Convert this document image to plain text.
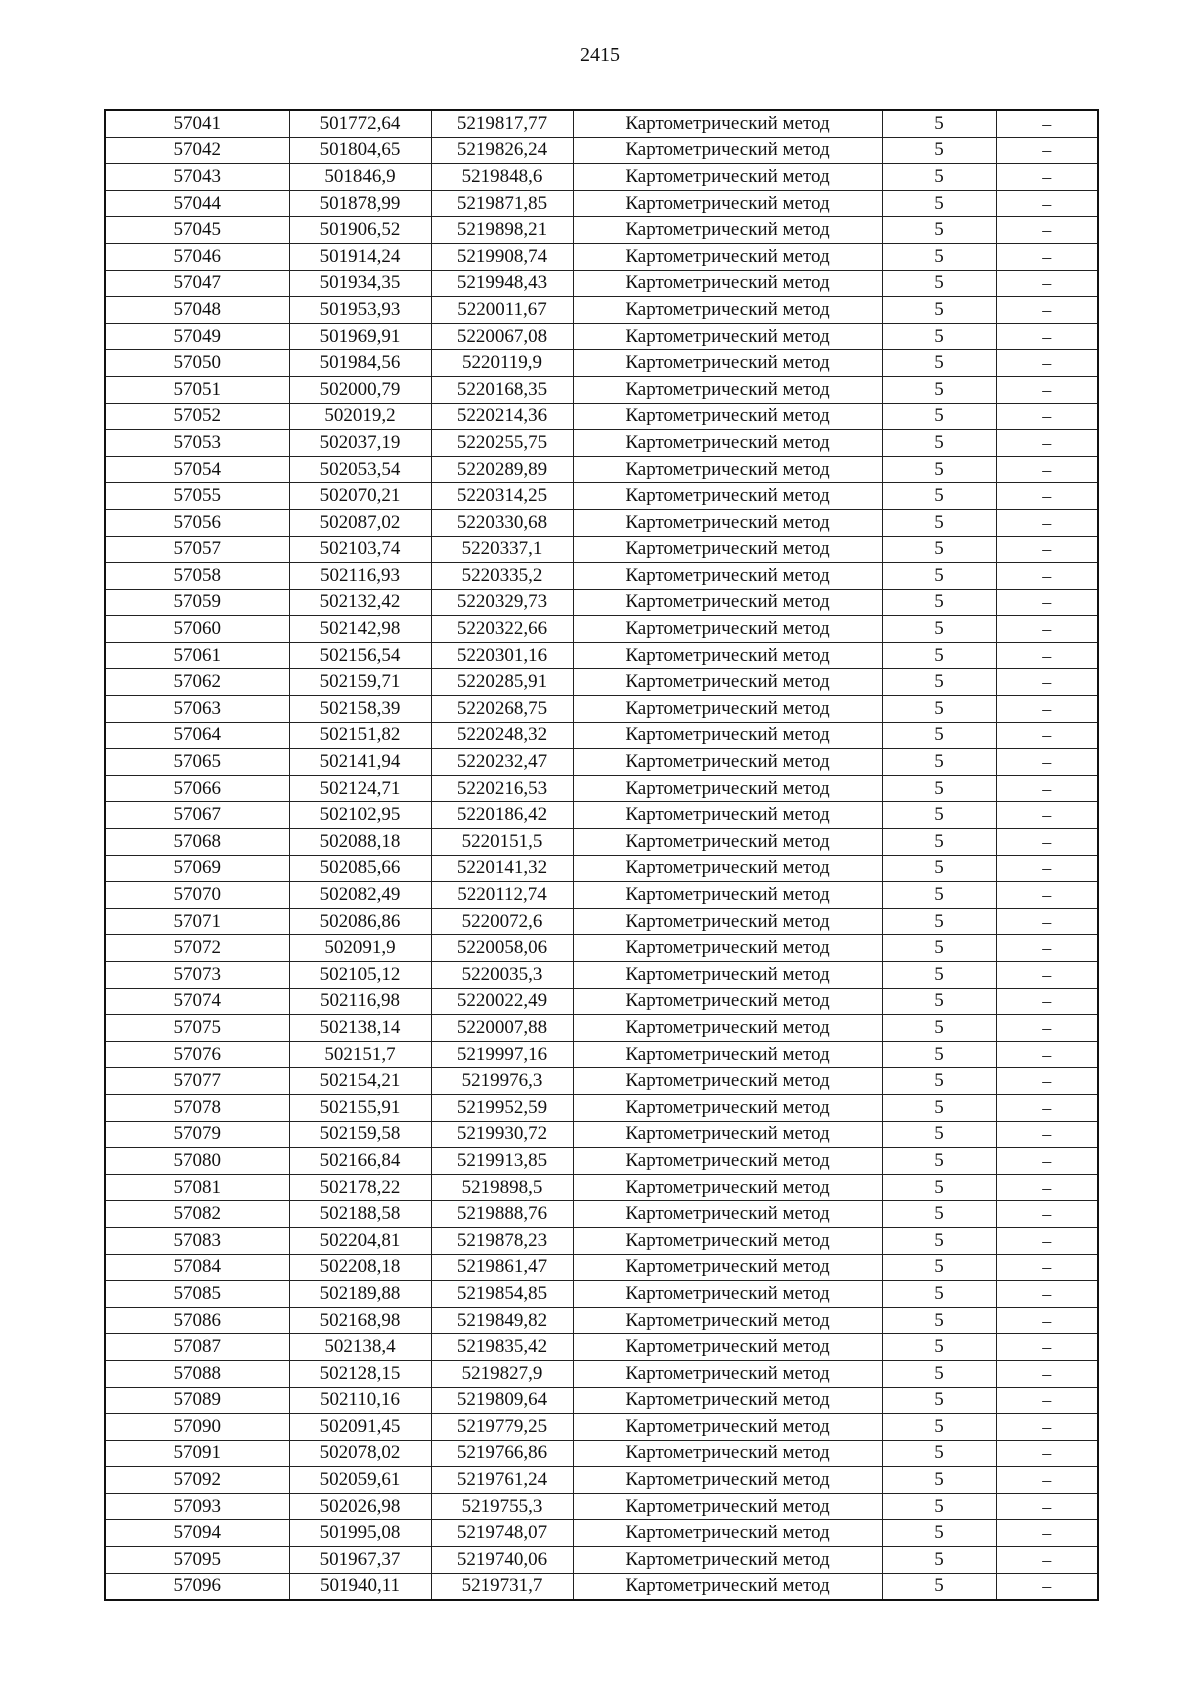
2415
57041	501772,64	5219817,77	Картометрический метод	5	–
57042	501804,65	5219826,24	Картометрический метод	5	–
57043	501846,9	5219848,6	Картометрический метод	5	–
57044	501878,99	5219871,85	Картометрический метод	5	–
57045	501906,52	5219898,21	Картометрический метод	5	–
57046	501914,24	5219908,74	Картометрический метод	5	–
57047	501934,35	5219948,43	Картометрический метод	5	–
57048	501953,93	5220011,67	Картометрический метод	5	–
57049	501969,91	5220067,08	Картометрический метод	5	–
57050	501984,56	5220119,9	Картометрический метод	5	–
57051	502000,79	5220168,35	Картометрический метод	5	–
57052	502019,2	5220214,36	Картометрический метод	5	–
57053	502037,19	5220255,75	Картометрический метод	5	–
57054	502053,54	5220289,89	Картометрический метод	5	–
57055	502070,21	5220314,25	Картометрический метод	5	–
57056	502087,02	5220330,68	Картометрический метод	5	–
57057	502103,74	5220337,1	Картометрический метод	5	–
57058	502116,93	5220335,2	Картометрический метод	5	–
57059	502132,42	5220329,73	Картометрический метод	5	–
57060	502142,98	5220322,66	Картометрический метод	5	–
57061	502156,54	5220301,16	Картометрический метод	5	–
57062	502159,71	5220285,91	Картометрический метод	5	–
57063	502158,39	5220268,75	Картометрический метод	5	–
57064	502151,82	5220248,32	Картометрический метод	5	–
57065	502141,94	5220232,47	Картометрический метод	5	–
57066	502124,71	5220216,53	Картометрический метод	5	–
57067	502102,95	5220186,42	Картометрический метод	5	–
57068	502088,18	5220151,5	Картометрический метод	5	–
57069	502085,66	5220141,32	Картометрический метод	5	–
57070	502082,49	5220112,74	Картометрический метод	5	–
57071	502086,86	5220072,6	Картометрический метод	5	–
57072	502091,9	5220058,06	Картометрический метод	5	–
57073	502105,12	5220035,3	Картометрический метод	5	–
57074	502116,98	5220022,49	Картометрический метод	5	–
57075	502138,14	5220007,88	Картометрический метод	5	–
57076	502151,7	5219997,16	Картометрический метод	5	–
57077	502154,21	5219976,3	Картометрический метод	5	–
57078	502155,91	5219952,59	Картометрический метод	5	–
57079	502159,58	5219930,72	Картометрический метод	5	–
57080	502166,84	5219913,85	Картометрический метод	5	–
57081	502178,22	5219898,5	Картометрический метод	5	–
57082	502188,58	5219888,76	Картометрический метод	5	–
57083	502204,81	5219878,23	Картометрический метод	5	–
57084	502208,18	5219861,47	Картометрический метод	5	–
57085	502189,88	5219854,85	Картометрический метод	5	–
57086	502168,98	5219849,82	Картометрический метод	5	–
57087	502138,4	5219835,42	Картометрический метод	5	–
57088	502128,15	5219827,9	Картометрический метод	5	–
57089	502110,16	5219809,64	Картометрический метод	5	–
57090	502091,45	5219779,25	Картометрический метод	5	–
57091	502078,02	5219766,86	Картометрический метод	5	–
57092	502059,61	5219761,24	Картометрический метод	5	–
57093	502026,98	5219755,3	Картометрический метод	5	–
57094	501995,08	5219748,07	Картометрический метод	5	–
57095	501967,37	5219740,06	Картометрический метод	5	–
57096	501940,11	5219731,7	Картометрический метод	5	–
